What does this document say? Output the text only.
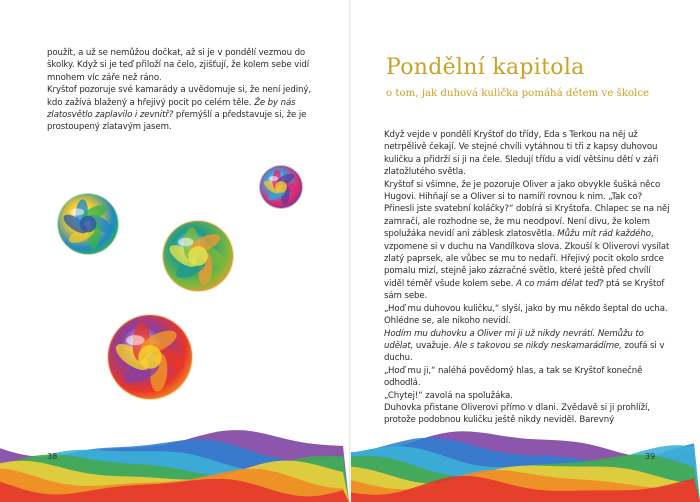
použít, a už se nemůžou dočkat, až si je v pondělí vezmou do školky. Když si je teď přiloží na čelo, zjišťují, že kolem sebe vidí mnohem víc záře než ráno.

Kryštof pozoruje své kamarády a uvědomuje si, že není jediný, kdo zažívá blažený a hřejivý pocit po celém těle. Že by nás zlatosvětlo zaplavilo i zevnitř? přemýšlí a představuje si, že je prostoupený zlatavým jasem.

38
Pondělní kapitola
o tom, jak duhová kulička pomáhá dětem ve školce

Když vejde v pondělí Kryštof do třídy, Eda s Terkou na něj už netrpělivě čekají. Ve stejné chvíli vytáhnou ti tři z kapsy duhovou kuličku a přidrží si ji na čele. Sledují třídu a vidí většinu dětí v záři zlatožlutého světla.

Kryštof si všimne, že je pozoruje Oliver a jako obvykle šušká něco Hugovi. Hihňají se a Oliver si to namíří rovnou k nim. „Tak co? Přinesli jste svatební koláčky?“ dobírá si Kryštofa. Chlapec se na něj zamračí, ale rozhodne se, že mu neodpoví. Není divu, že kolem spolužáka nevidí ani záblesk zlatosvětla. Můžu mít rád každého, vzpomene si v duchu na Vandílkova slova. Zkouší k Oliverovi vysílat zlatý paprsek, ale vůbec se mu to nedaří. Hřejivý pocit okolo srdce pomalu mizí, stejně jako zázračné světlo, které ještě před chvílí viděl téměř všude kolem sebe. A co mám dělat teď? ptá se Kryštof sám sebe.

„Hoď mu duhovou kuličku,“ slyší, jako by mu někdo šeptal do ucha. Ohlédne se, ale nikoho nevidí.

Hodím mu duhovku a Oliver mi ji už nikdy nevrátí. Nemůžu to udělat, uvažuje. Ale s takovou se nikdy neskamarádíme, zoufá si v duchu.

„Hoď mu ji,“ naléhá povědomý hlas, a tak se Kryštof konečně odhodlá.

„Chytej!“ zavolá na spolužáka.

Duhovka přistane Oliverovi přímo v dlani. Zvědavě si ji prohlíží, protože podobnou kuličku ještě nikdy neviděl. Barevný

39
